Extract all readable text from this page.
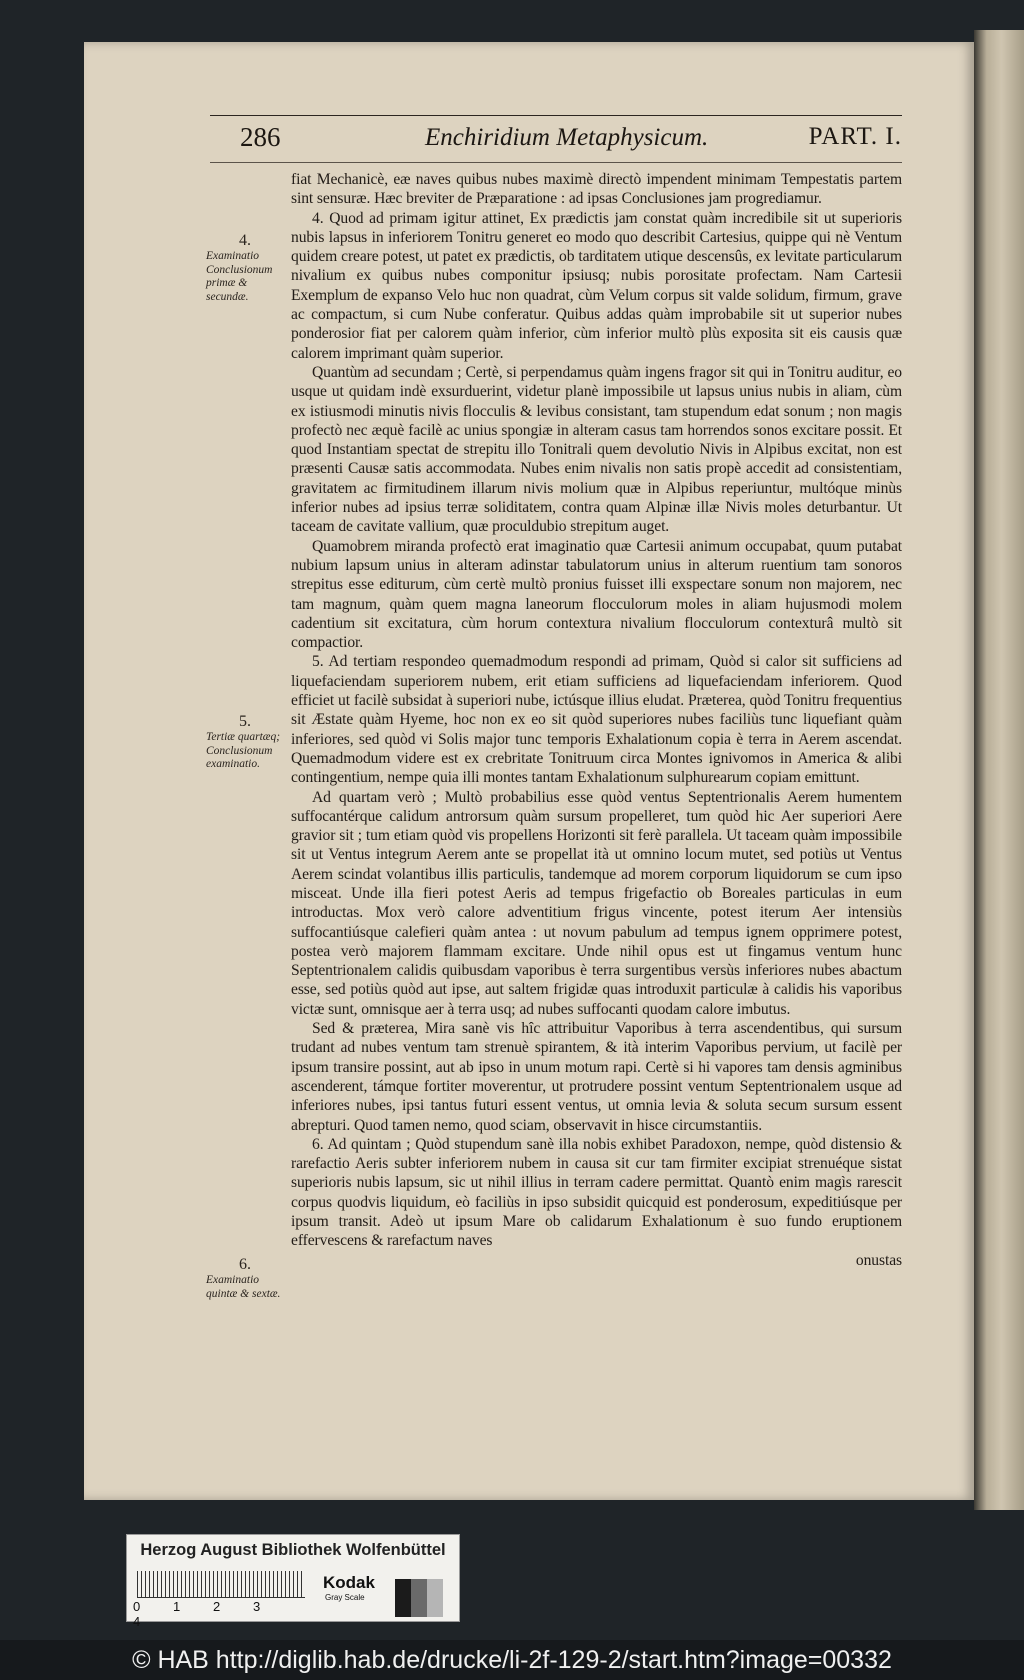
286	Enchiridium Metaphysicum.	PART. I.
4.
Examinatio Conclusionum primæ & secundæ.
5.
Tertiæ quartæq; Conclusionum examinatio.
6.
Examinatio quintæ & sextæ.

fiat Mechanicè, eæ naves quibus nubes maximè directò impendent minimam Tempestatis partem sint sensuræ. Hæc breviter de Præparatione : ad ipsas Conclusiones jam progrediamur.

4. Quod ad primam igitur attinet, Ex prædictis jam constat quàm incredibile sit ut superioris nubis lapsus in inferiorem Tonitru generet eo modo quo describit Cartesius, quippe qui nè Ventum quidem creare potest, ut patet ex prædictis, ob tarditatem utique descensûs, ex levitate particularum nivalium ex quibus nubes componitur ipsiusq; nubis porositate profectam. Nam Cartesii Exemplum de expanso Velo huc non quadrat, cùm Velum corpus sit valde solidum, firmum, grave ac compactum, si cum Nube conferatur. Quibus addas quàm improbabile sit ut superior nubes ponderosior fiat per calorem quàm inferior, cùm inferior multò plùs exposita sit eis causis quæ calorem imprimant quàm superior.

Quantùm ad secundam ; Certè, si perpendamus quàm ingens fragor sit qui in Tonitru auditur, eo usque ut quidam indè exsurduerint, videtur planè impossibile ut lapsus unius nubis in aliam, cùm ex istiusmodi minutis nivis flocculis & levibus consistant, tam stupendum edat sonum ; non magis profectò nec æquè facilè ac unius spongiæ in alteram casus tam horrendos sonos excitare possit. Et quod Instantiam spectat de strepitu illo Tonitrali quem devolutio Nivis in Alpibus excitat, non est præsenti Causæ satis accommodata. Nubes enim nivalis non satis propè accedit ad consistentiam, gravitatem ac firmitudinem illarum nivis molium quæ in Alpibus reperiuntur, multóque minùs inferior nubes ad ipsius terræ soliditatem, contra quam Alpinæ illæ Nivis moles deturbantur. Ut taceam de cavitate vallium, quæ proculdubio strepitum auget.

Quamobrem miranda profectò erat imaginatio quæ Cartesii animum occupabat, quum putabat nubium lapsum unius in alteram adinstar tabulatorum unius in alterum ruentium tam sonoros strepitus esse editurum, cùm certè multò pronius fuisset illi exspectare sonum non majorem, nec tam magnum, quàm quem magna laneorum flocculorum moles in aliam hujusmodi molem cadentium sit excitatura, cùm horum contextura nivalium flocculorum contexturâ multò sit compactior.

5. Ad tertiam respondeo quemadmodum respondi ad primam, Quòd si calor sit sufficiens ad liquefaciendam superiorem nubem, erit etiam sufficiens ad liquefaciendam inferiorem. Quod efficiet ut facilè subsidat à superiori nube, ictúsque illius eludat. Præterea, quòd Tonitru frequentius sit Æstate quàm Hyeme, hoc non ex eo sit quòd superiores nubes faciliùs tunc liquefiant quàm inferiores, sed quòd vi Solis major tunc temporis Exhalationum copia è terra in Aerem ascendat. Quemadmodum videre est ex crebritate Tonitruum circa Montes ignivomos in America & alibi contingentium, nempe quia illi montes tantam Exhalationum sulphurearum copiam emittunt.

Ad quartam verò ; Multò probabilius esse quòd ventus Septentrionalis Aerem humentem suffocantérque calidum antrorsum quàm sursum propelleret, tum quòd hic Aer superiori Aere gravior sit ; tum etiam quòd vis propellens Horizonti sit ferè parallela. Ut taceam quàm impossibile sit ut Ventus integrum Aerem ante se propellat ità ut omnino locum mutet, sed potiùs ut Ventus Aerem scindat volantibus illis particulis, tandemque ad morem corporum liquidorum se cum ipso misceat. Unde illa fieri potest Aeris ad tempus frigefactio ob Boreales particulas in eum introductas. Mox verò calore adventitium frigus vincente, potest iterum Aer intensiùs suffocantiúsque calefieri quàm antea : ut novum pabulum ad tempus ignem opprimere potest, postea verò majorem flammam excitare. Unde nihil opus est ut fingamus ventum hunc Septentrionalem calidis quibusdam vaporibus è terra surgentibus versùs inferiores nubes abactum esse, sed potiùs quòd aut ipse, aut saltem frigidæ quas introduxit particulæ à calidis his vaporibus victæ sunt, omnisque aer à terra usq; ad nubes suffocanti quodam calore imbutus.

Sed & præterea, Mira sanè vis hîc attribuitur Vaporibus à terra ascendentibus, qui sursum trudant ad nubes ventum tam strenuè spirantem, & ità interim Vaporibus pervium, ut facilè per ipsum transire possint, aut ab ipso in unum motum rapi. Certè si hi vapores tam densis agminibus ascenderent, támque fortiter moverentur, ut protrudere possint ventum Septentrionalem usque ad inferiores nubes, ipsi tantus futuri essent ventus, ut omnia levia & soluta secum sursum essent abrepturi. Quod tamen nemo, quod sciam, observavit in hisce circumstantiis.

6. Ad quintam ; Quòd stupendum sanè illa nobis exhibet Paradoxon, nempe, quòd distensio & rarefactio Aeris subter inferiorem nubem in causa sit cur tam firmiter excipiat strenuéque sistat superioris nubis lapsum, sic ut nihil illius in terram cadere permittat. Quantò enim magìs rarescit corpus quodvis liquidum, eò faciliùs in ipso subsidit quicquid est ponderosum, expeditiúsque per ipsum transit. Adeò ut ipsum Mare ob calidarum Exhalationum è suo fundo eruptionem effervescens & rarefactum naves

onustas
Herzog August Bibliothek Wolfenbüttel
0	1	2	34
Kodak
Gray Scale
© HAB http://diglib.hab.de/drucke/li-2f-129-2/start.htm?image=00332
